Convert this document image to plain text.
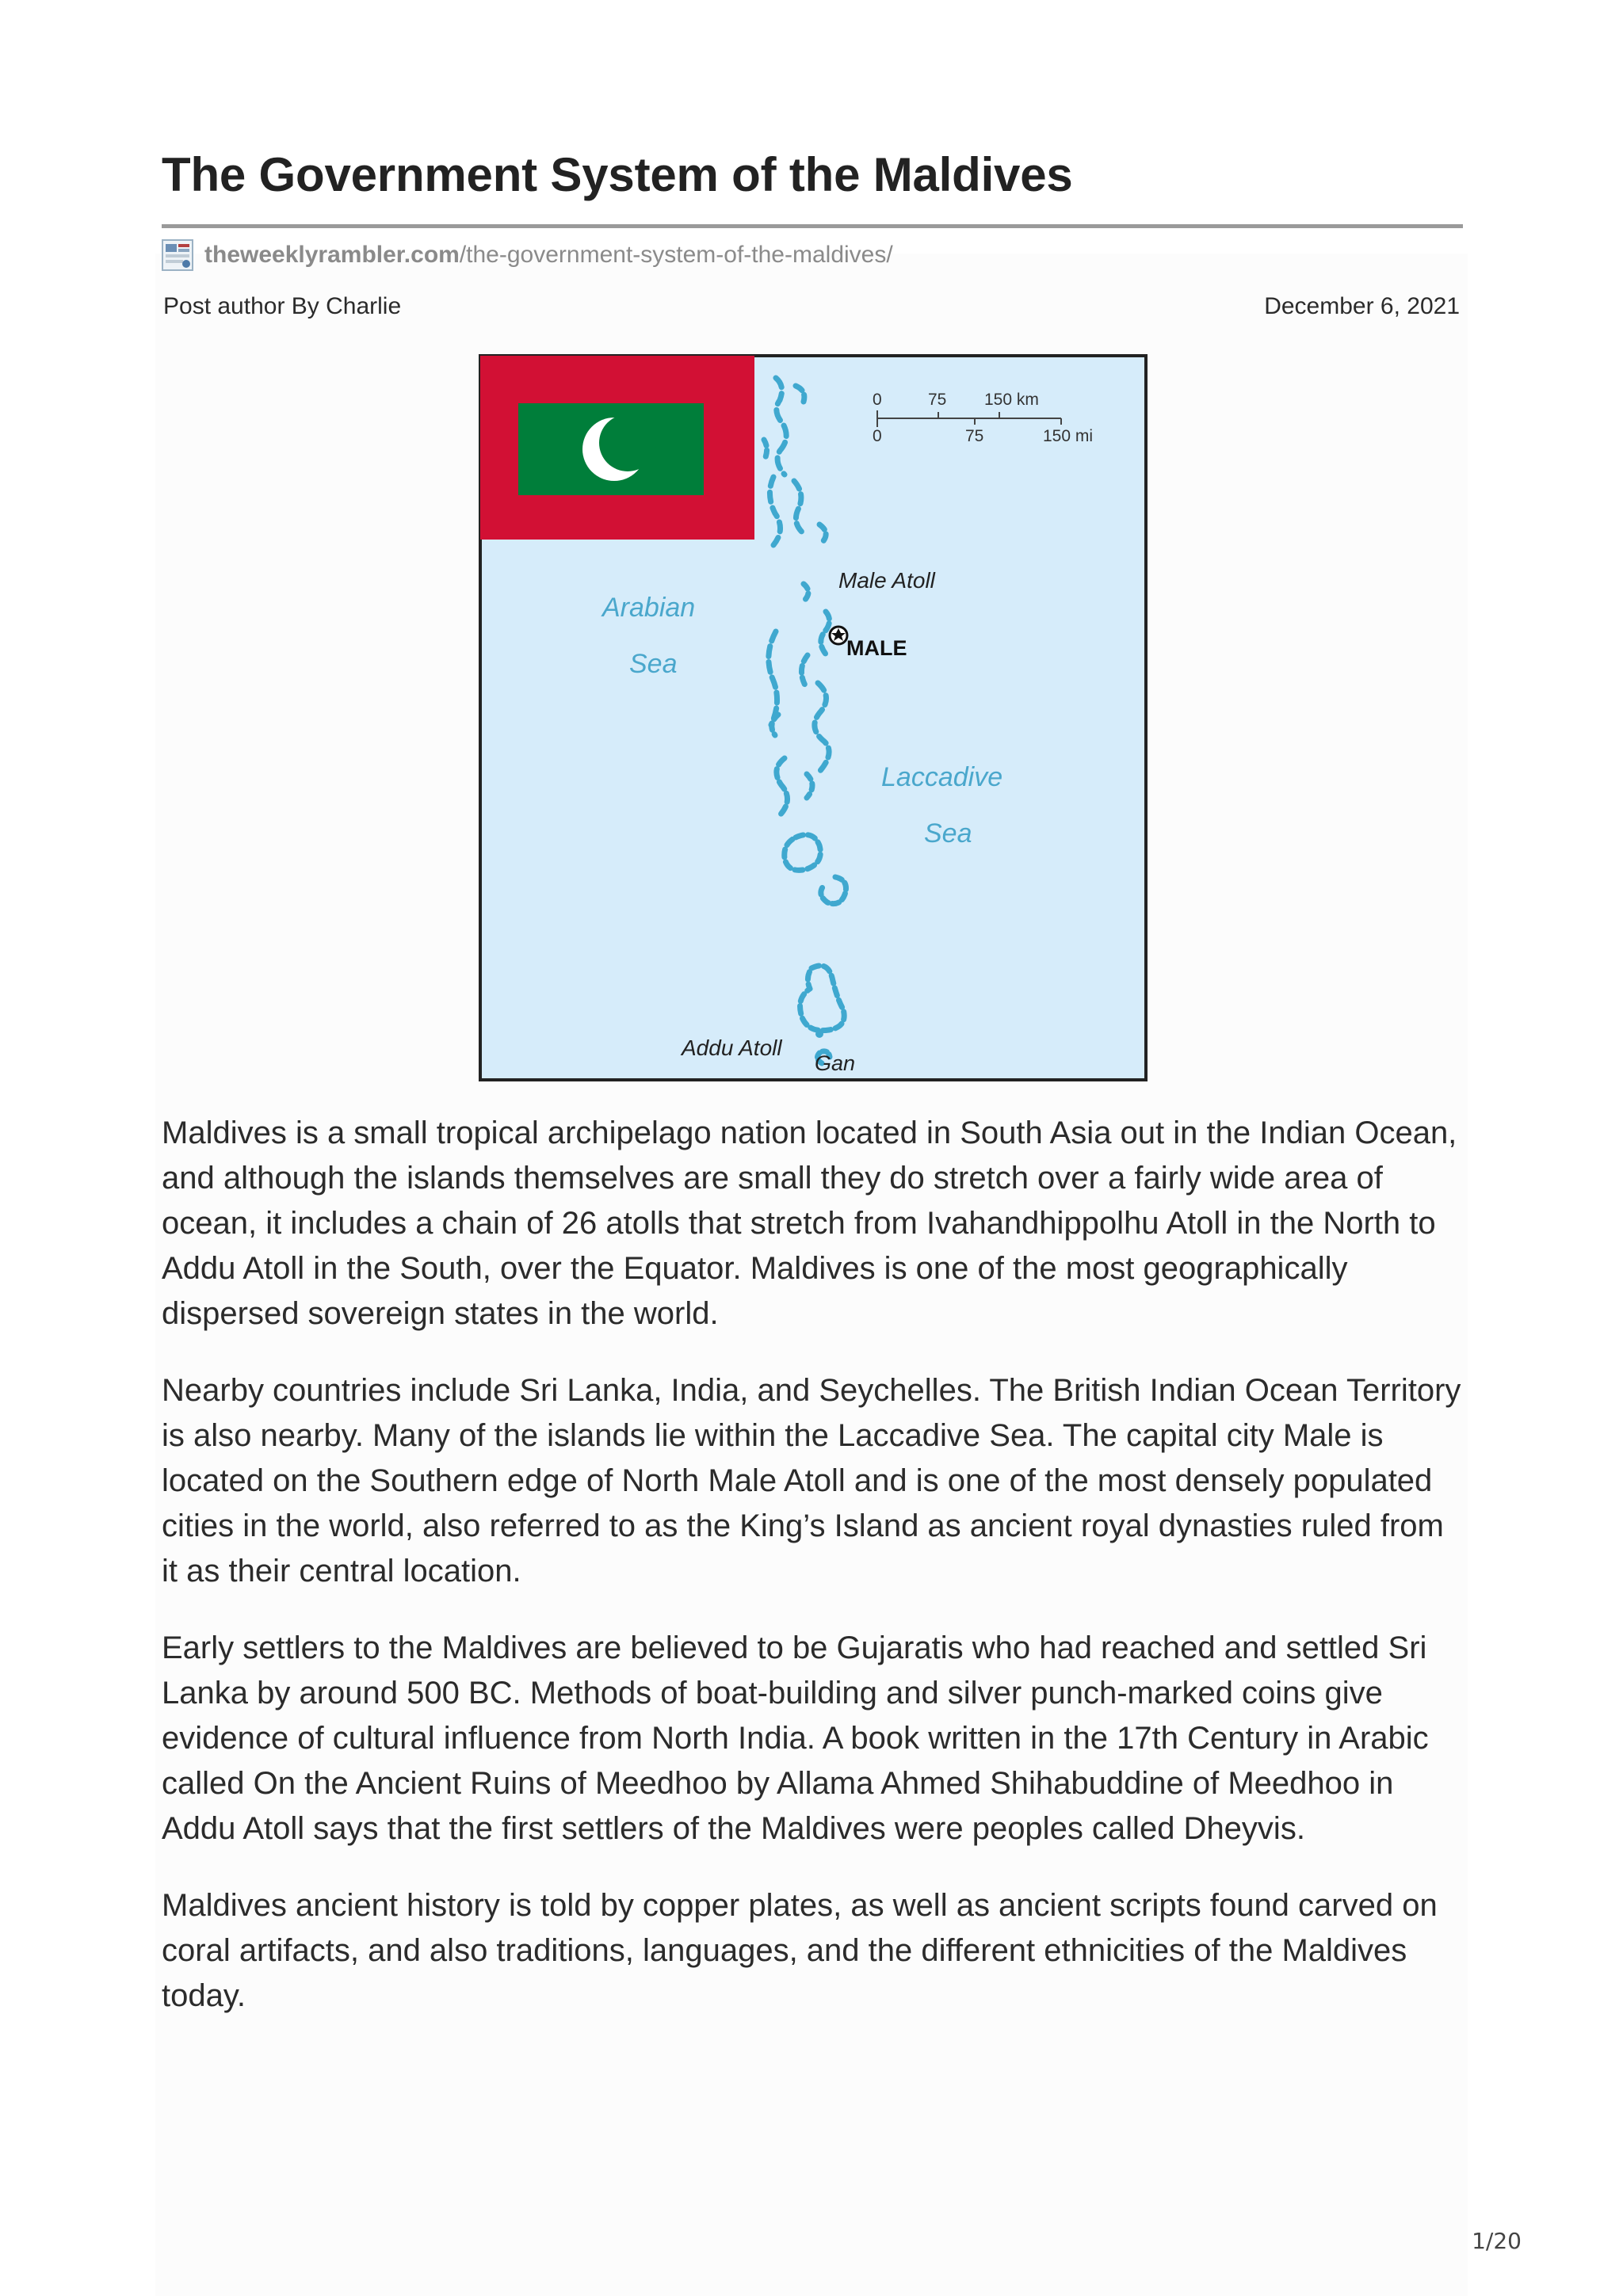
The Government System of the Maldives
theweeklyrambler.com/the-government-system-of-the-maldives/
Post author By Charlie	December 6, 2021
0	75 150 km
0	75	150 mi
Arabian
Sea
Male Atoll
MALE
Laccadive
Sea
Addu Atoll
Gan

Maldives is a small tropical archipelago nation located in South Asia out in the Indian Ocean, and although the islands themselves are small they do stretch over a fairly wide area of ocean, it includes a chain of 26 atolls that stretch from Ivahandhippolhu Atoll in the North to Addu Atoll in the South, over the Equator. Maldives is one of the most geographically dispersed sovereign states in the world.

Nearby countries include Sri Lanka, India, and Seychelles. The British Indian Ocean Territory is also nearby. Many of the islands lie within the Laccadive Sea. The capital city Male is located on the Southern edge of North Male Atoll and is one of the most densely populated cities in the world, also referred to as the King’s Island as ancient royal dynasties ruled from it as their central location.

Early settlers to the Maldives are believed to be Gujaratis who had reached and settled Sri Lanka by around 500 BC. Methods of boat-building and silver punch-marked coins give evidence of cultural influence from North India. A book written in the 17th Century in Arabic called On the Ancient Ruins of Meedhoo by Allama Ahmed Shihabuddine of Meedhoo in Addu Atoll says that the first settlers of the Maldives were peoples called Dheyvis.

Maldives ancient history is told by copper plates, as well as ancient scripts found carved on coral artifacts, and also traditions, languages, and the different ethnicities of the Maldives today.

1/20
